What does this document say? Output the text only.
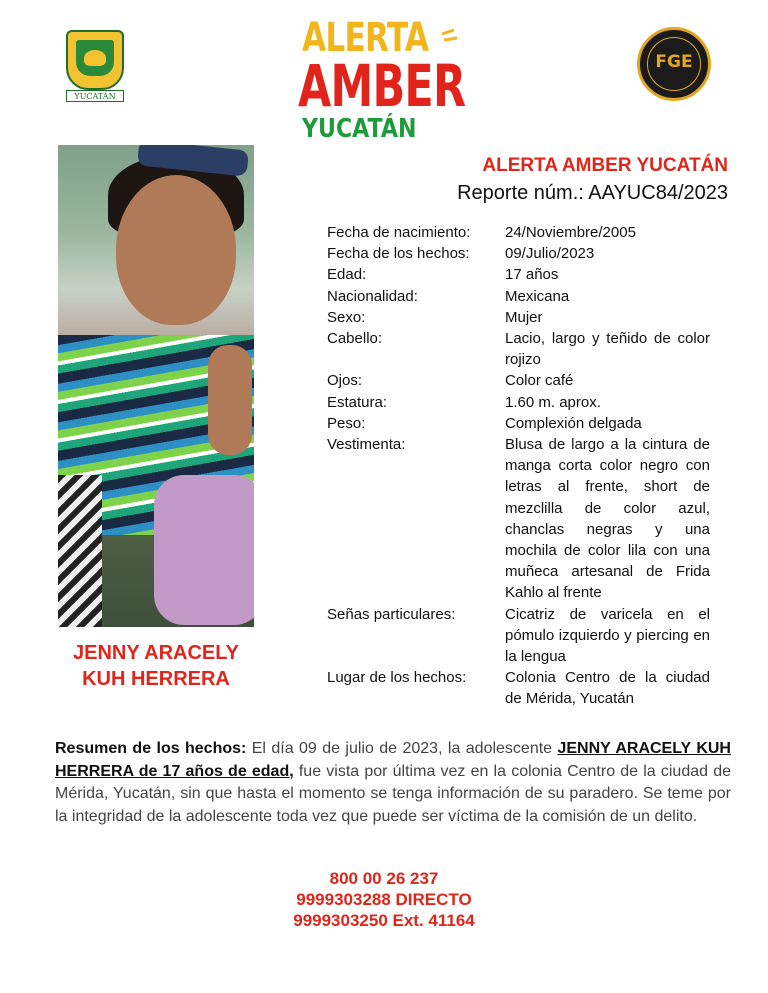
YUCATÁN
ALERTA
AMBER
YUCATÁN
FGE
ALERTA AMBER YUCATÁN
Reporte núm.: AAYUC84/2023
JENNY ARACELY
KUH HERRERA
Fecha de nacimiento:	24/Noviembre/2005
Fecha de los hechos:	09/Julio/2023
Edad:	17 años
Nacionalidad:	Mexicana
Sexo:	Mujer
Cabello:	Lacio, largo y teñido de color rojizo
Ojos:	Color café
Estatura:	1.60 m. aprox.
Peso:	Complexión delgada
Vestimenta:	Blusa de largo a la cintura de manga corta color negro con letras al frente, short de mezclilla de color azul, chanclas negras y una mochila de color lila con una muñeca artesanal de Frida Kahlo al frente
Señas particulares:	Cicatriz de varicela en el pómulo izquierdo y piercing en la lengua
Lugar de los hechos:	Colonia Centro de la ciudad de Mérida, Yucatán
Resumen de los hechos: El día 09 de julio de 2023, la adolescente JENNY ARACELY KUH HERRERA de 17 años de edad, fue vista por última vez en la colonia Centro de la ciudad de Mérida, Yucatán, sin que hasta el momento se tenga información de su paradero. Se teme por la integridad de la adolescente toda vez que puede ser víctima de la comisión de un delito.
800 00 26 237
9999303288 DIRECTO
9999303250 Ext. 41164
